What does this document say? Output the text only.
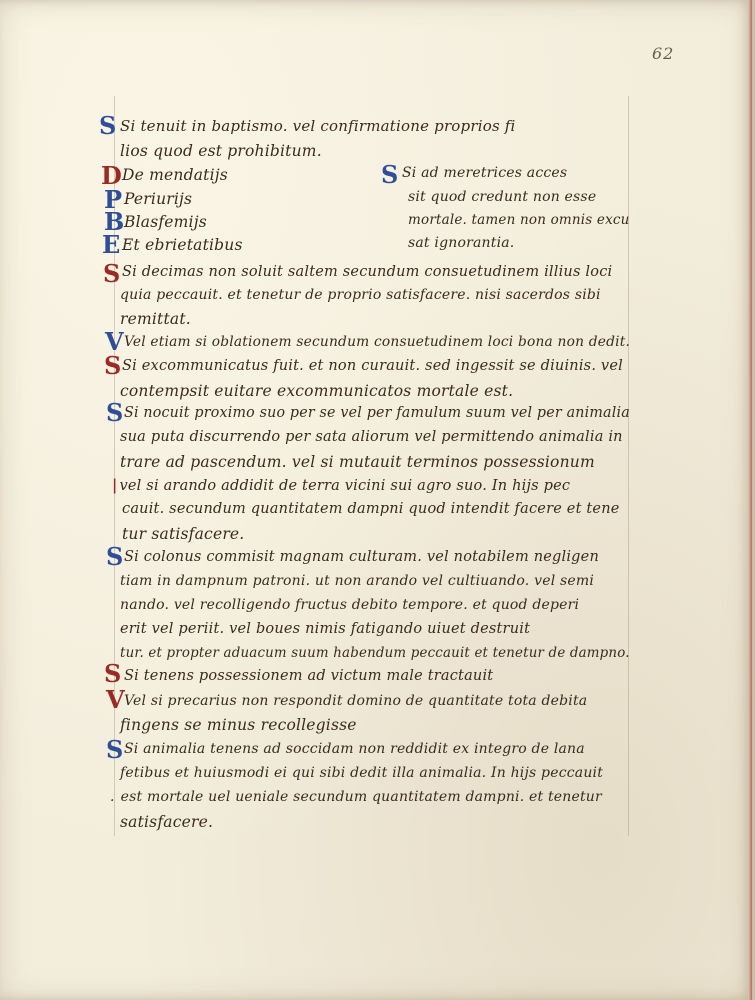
62
S
D
P
B
E
S
S
V
S
S
S
S
V
S
Si tenuit in baptismo. vel confirmatione proprios fi
lios quod est prohibitum.
De mendatijs
Periurijs
Blasfemijs
Et ebrietatibus
Si ad meretrices acces
sit quod credunt non esse
mortale. tamen non omnis excu
sat ignorantia.
Si decimas non soluit saltem secundum consuetudinem illius loci
quia peccauit. et tenetur de proprio satisfacere. nisi sacerdos sibi
remittat.
Vel etiam si oblationem secundum consuetudinem loci bona non dedit.
Si excommunicatus fuit. et non curauit. sed ingessit se diuinis. vel
contempsit euitare excommunicatos mortale est.
Si nocuit proximo suo per se vel per famulum suum vel per animalia
sua puta discurrendo per sata aliorum vel permittendo animalia in
trare ad pascendum. vel si mutauit terminos possessionum
| vel si arando addidit de terra vicini sui agro suo. In hijs pec
cauit. secundum quantitatem dampni quod intendit facere et tene
tur satisfacere.
Si colonus commisit magnam culturam. vel notabilem negligen
tiam in dampnum patroni. ut non arando vel cultiuando. vel semi
nando. vel recolligendo fructus debito tempore. et quod deperi
erit vel periit. vel boues nimis fatigando uiuet destruit
tur. et propter aduacum suum habendum peccauit et tenetur de dampno.
Si tenens possessionem ad victum male tractauit
Vel si precarius non respondit domino de quantitate tota debita
fingens se minus recollegisse
Si animalia tenens ad soccidam non reddidit ex integro de lana
fetibus et huiusmodi ei qui sibi dedit illa animalia. In hijs peccauit
. est mortale uel ueniale secundum quantitatem dampni. et tenetur
satisfacere.
